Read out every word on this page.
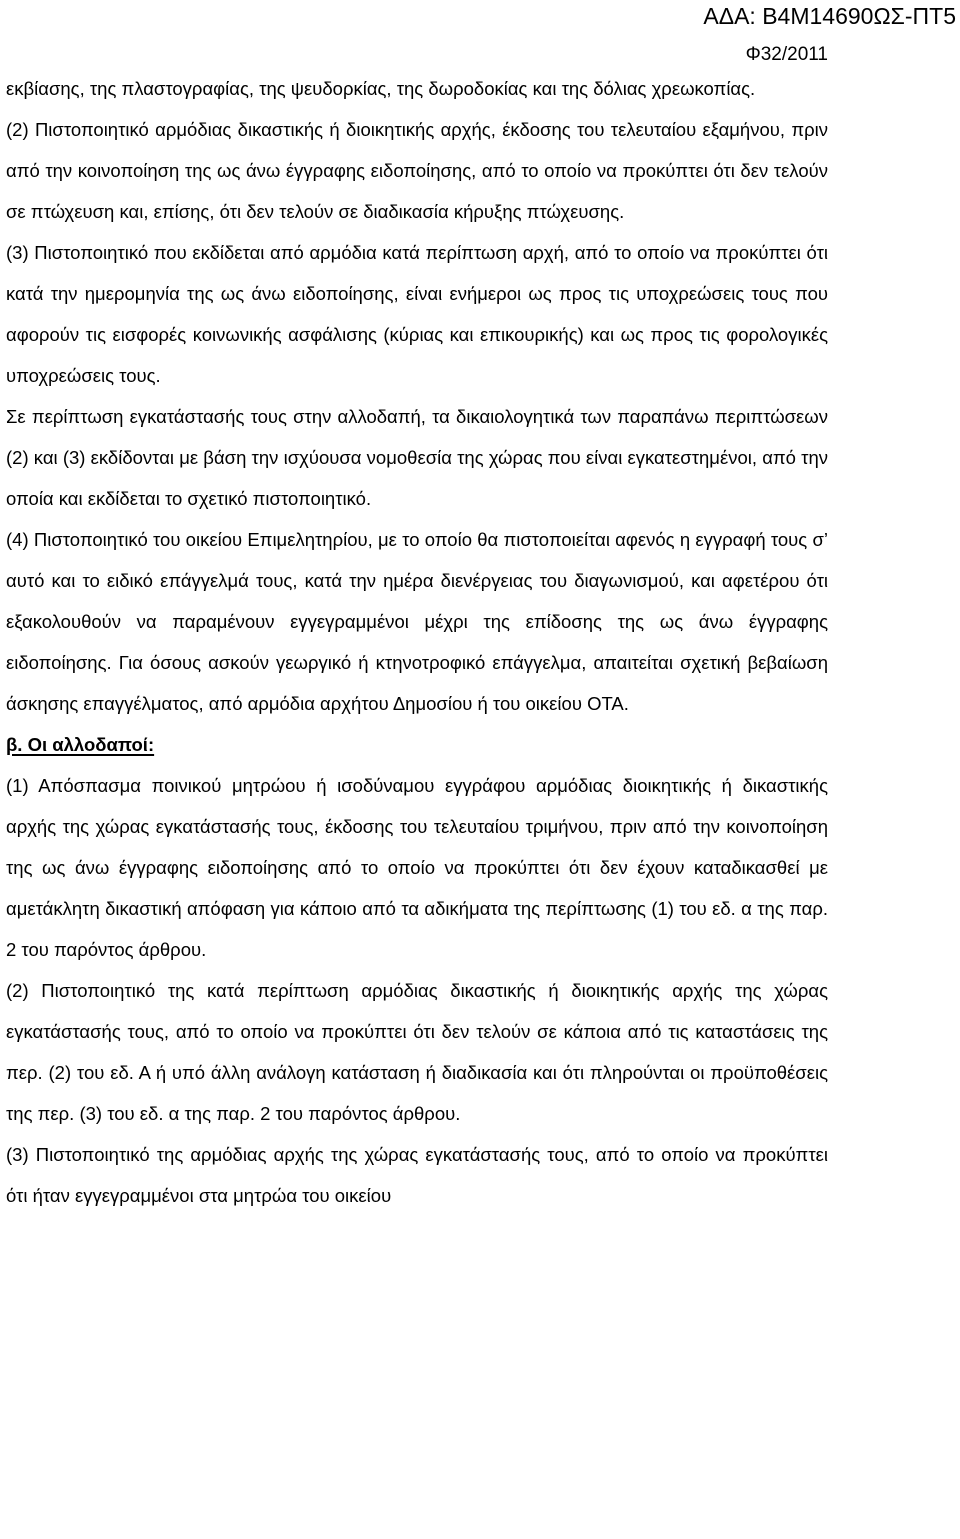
ΑΔΑ: Β4Μ14690ΩΣ-ΠΤ5
Φ32/2011

εκβίασης, της πλαστογραφίας, της ψευδορκίας, της δωροδοκίας και της δόλιας χρεωκοπίας.

(2) Πιστοποιητικό αρμόδιας δικαστικής ή διοικητικής αρχής, έκδοσης του τελευταίου εξαμήνου, πριν από την κοινοποίηση της ως άνω έγγραφης ειδοποίησης, από το οποίο να προκύπτει ότι δεν τελούν σε πτώχευση και, επίσης, ότι δεν τελούν σε διαδικασία κήρυξης πτώχευσης.

(3) Πιστοποιητικό που εκδίδεται από αρμόδια κατά περίπτωση αρχή, από το οποίο να προκύπτει ότι κατά την ημερομηνία της ως άνω ειδοποίησης, είναι ενήμεροι ως προς τις υποχρεώσεις τους που αφορούν τις εισφορές κοινωνικής ασφάλισης (κύριας και επικουρικής) και ως προς τις φορολογικές υποχρεώσεις τους.

Σε περίπτωση εγκατάστασής τους στην αλλοδαπή, τα δικαιολογητικά των παραπάνω περιπτώσεων (2) και (3) εκδίδονται με βάση την ισχύουσα νομοθεσία της χώρας που είναι εγκατεστημένοι, από την οποία και εκδίδεται το σχετικό πιστοποιητικό.

(4) Πιστοποιητικό του οικείου Επιμελητηρίου, με το οποίο θα πιστοποιείται αφενός η εγγραφή τους σ’ αυτό και το ειδικό επάγγελμά τους, κατά την ημέρα διενέργειας του διαγωνισμού, και αφετέρου ότι εξακολουθούν να παραμένουν εγγεγραμμένοι μέχρι της επίδοσης της ως άνω έγγραφης ειδοποίησης. Για όσους ασκούν γεωργικό ή κτηνοτροφικό επάγγελμα, απαιτείται σχετική βεβαίωση άσκησης επαγγέλματος, από αρμόδια αρχήτου Δημοσίου ή του οικείου ΟΤΑ.

β. Οι αλλοδαποί:

(1) Απόσπασμα ποινικού μητρώου ή ισοδύναμου εγγράφου αρμόδιας διοικητικής ή δικαστικής αρχής της χώρας εγκατάστασής τους, έκδοσης του τελευταίου τριμήνου, πριν από την κοινοποίηση της ως άνω έγγραφης ειδοποίησης από το οποίο να προκύπτει ότι δεν έχουν καταδικασθεί με αμετάκλητη δικαστική απόφαση για κάποιο από τα αδικήματα της περίπτωσης (1) του εδ. α της παρ. 2 του παρόντος άρθρου.

(2) Πιστοποιητικό της κατά περίπτωση αρμόδιας δικαστικής ή διοικητικής αρχής της χώρας εγκατάστασής τους, από το οποίο να προκύπτει ότι δεν τελούν σε κάποια από τις καταστάσεις της περ. (2) του εδ. Α ή υπό άλλη ανάλογη κατάσταση ή διαδικασία και ότι πληρούνται οι προϋποθέσεις της περ. (3) του εδ. α της παρ. 2 του παρόντος άρθρου.

(3) Πιστοποιητικό της αρμόδιας αρχής της χώρας εγκατάστασής τους, από το οποίο να προκύπτει ότι ήταν εγγεγραμμένοι στα μητρώα του οικείου
